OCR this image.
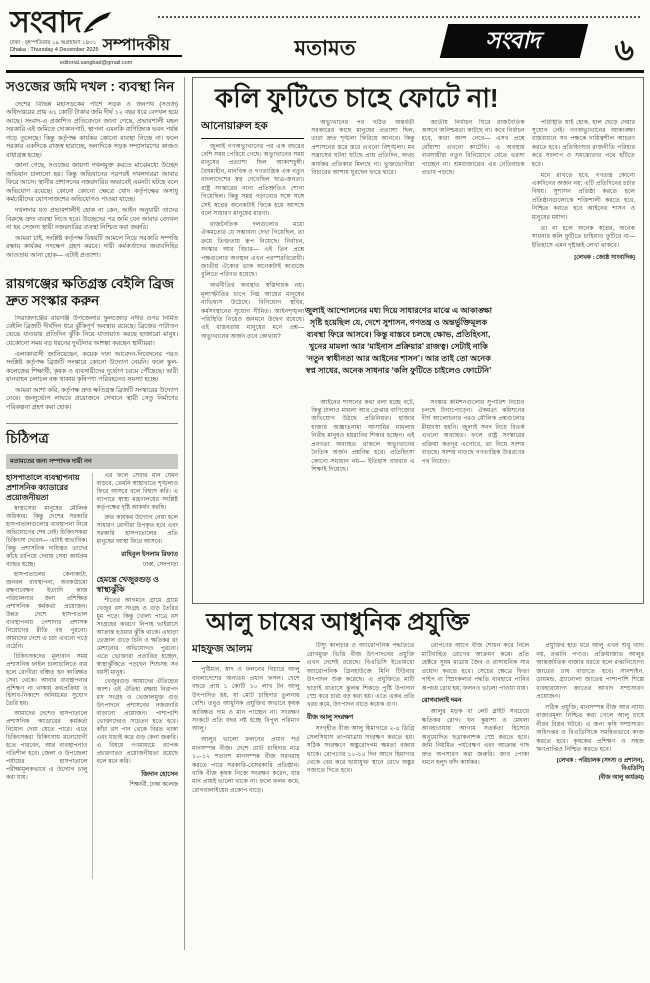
সংবাদ
ঢাকা : বৃহস্পতিবার ১৯ অগ্রহায়ণ ১৪৩১
Dhaka : Thursday 4 December 2025 সম্পাদকীয়
editorial.sangbad@gmail.com
মতামত	সংবাদ ৬
সওজের জমি দখল : ব্যবস্থা নিন

দেশের বিভিন্ন মহাসড়কের পাশে সড়ক ও জনপথ (সওজ) অধিদপ্তরের প্রায় ৬১ কোটি টাকার জমি দীর্ঘ ১২ বছর ধরে বেদখল হয়ে আছে। সংবাদ-এ প্রকাশিত প্রতিবেদনে জানা গেছে, প্রভাবশালী মহল সরকারি এই জমিতে দোকানপাট, স্থাপনা এমনকি বাণিজ্যিক ভবন পর্যন্ত গড়ে তুলেছে। কিন্তু কর্তৃপক্ষ কার্যকর কোনো ব্যবস্থা নিচ্ছে না। ফলে সরকার একদিকে রাজস্ব হারাচ্ছে, অন্যদিকে সড়ক সম্প্রসারণের কাজও বাধাগ্রস্ত হচ্ছে।

জানা গেছে, সওজের জায়গা দখলমুক্ত করতে মাঝেমধ্যে উচ্ছেদ অভিযান চালানো হয়। কিন্তু অভিযানের পরপরই দখলদাররা আবার ফিরে আসে। স্থানীয় প্রশাসনের নজরদারির অভাবেই এমনটা ঘটছে বলে অভিযোগ রয়েছে। কোনো কোনো ক্ষেত্রে খোদ কর্তৃপক্ষের অসাধু কর্মচারীদের যোগসাজশের অভিযোগও পাওয়া যাচ্ছে।

দখলদার যত প্রভাবশালীই হোক না কেন, আইন অনুযায়ী তাদের বিরুদ্ধে দ্রুত ব্যবস্থা নিতে হবে। উচ্ছেদের পর জমি যেন আবার বেদখল না হয় সেজন্য স্থায়ী নজরদারির ব্যবস্থা নিশ্চিত করা জরুরি।

আমরা চাই, সংশ্লিষ্ট কর্তৃপক্ষ বিষয়টি আমলে নিয়ে সরকারি সম্পত্তি রক্ষায় কার্যকর পদক্ষেপ গ্রহণ করবে। দায়ী কর্মকর্তাদের জবাবদিহির আওতায় আনা হোক— এটাই প্রত্যাশা।

রায়গঞ্জের ক্ষতিগ্রস্ত বেইলি ব্রিজ দ্রুত সংস্কার করুন

সিরাজগঞ্জের রায়গঞ্জ উপজেলার ফুলজোড় নদীর ওপর নির্মিত বেইলি ব্রিজটি দীর্ঘদিন ধরে ঝুঁকিপূর্ণ অবস্থায় রয়েছে। ব্রিজের পাটাতন ভেঙে যাওয়ায় প্রতিদিন ঝুঁকি নিয়ে যাতায়াত করছে হাজারো মানুষ। যেকোনো সময় বড় ধরনের দুর্ঘটনার আশঙ্কা করছেন স্থানীয়রা।

এলাকাবাসী জানিয়েছেন, কয়েক দফা আবেদন-নিবেদনের পরও সংশ্লিষ্ট কর্তৃপক্ষ ব্রিজটি সংস্কারে কোনো উদ্যোগ নেয়নি। ফলে স্কুল-কলেজের শিক্ষার্থী, কৃষক ও ব্যবসায়ীদের দুর্ভোগ চরমে পৌঁছেছে। ভারী যানবাহন চলাচল বন্ধ থাকায় কৃষিপণ্য পরিবহনেও সমস্যা হচ্ছে।

আমরা আশা করি, কর্তৃপক্ষ দ্রুত ক্ষতিগ্রস্ত ব্রিজটি সংস্কারের উদ্যোগ নেবে। জনদুর্ভোগ লাঘবে প্রয়োজনে সেখানে স্থায়ী সেতু নির্মাণের পরিকল্পনা গ্রহণ করা হোক।

চিঠিপত্র
মতামতের জন্য সম্পাদক দায়ী নন
হাসপাতালে ব্যবস্থাপনায় প্রশাসনিক ক্যাডারের প্রয়োজনীয়তা

স্বাস্থ্যসেবা মানুষের মৌলিক অধিকার। কিন্তু দেশের সরকারি হাসপাতালগুলোর ব্যবস্থাপনা নিয়ে অভিযোগের শেষ নেই। চিকিৎসকরা চিকিৎসা দেবেন— এটাই স্বাভাবিক। কিন্তু প্রশাসনিক দায়িত্বও তাদের কাঁধে চাপিয়ে দেয়ায় সেবা কার্যক্রম ব্যাহত হচ্ছে।

হাসপাতালের কেনাকাটা, জনবল ব্যবস্থাপনা, অবকাঠামো রক্ষণাবেক্ষণ ইত্যাদি কাজ পরিচালনার জন্য প্রশিক্ষিত প্রশাসনিক কর্মকর্তা প্রয়োজন। উন্নত দেশে হাসপাতাল ব্যবস্থাপনায় পেশাদার প্রশাসক নিয়োগের রীতি বহু পুরনো। আমাদের দেশে এ চর্চা এখনো গড়ে ওঠেনি।

চিকিৎসকদের মূল্যবান সময় প্রশাসনিক ফাইল চালাচালিতে ব্যয় হলে রোগীরা বঞ্চিত হন কাঙ্ক্ষিত সেবা থেকে। আবার ব্যবস্থাপনার প্রশিক্ষণ না থাকায় ক্রয়প্রক্রিয়া ও হিসাব-নিকাশে অনিয়মের সুযোগ তৈরি হয়।

আমাদের দেশেও হাসপাতালে প্রশাসনিক ক্যাডারের কর্মকর্তা নিয়োগ দেয়া যেতে পারে। এতে চিকিৎসকরা চিকিৎসায় মনোযোগী হতে পারবেন, আর ব্যবস্থাপনাও গতিশীল হবে। জেলা ও উপজেলা পর্যায়ের হাসপাতালে পরীক্ষামূলকভাবে এ উদ্যোগ চালু করা যায়।

এর ফলে সেবার মান যেমন বাড়বে, তেমনি স্বাস্থ্যখাতে শৃঙ্খলাও ফিরে আসবে বলে বিশ্বাস করি। এ ব্যাপারে স্বাস্থ্য মন্ত্রণালয়ের সংশ্লিষ্ট কর্তৃপক্ষের দৃষ্টি আকর্ষণ করছি।

দ্রুত কার্যকর উদ্যোগ নেয়া হলে সাধারণ রোগীরা উপকৃত হবে এবং সরকারি হাসপাতালের প্রতি মানুষের আস্থা ফিরে আসবে।

রাহিবুল ইসলাম রিফাত
ঢাকা, সেনপাড়া
হেমন্তে খেজুরগুড় ও স্বাস্থ্যঝুঁকি

শীতের আগমনে গ্রামে গ্রামে খেজুর রস সংগ্রহ ও গুড় তৈরির ধুম পড়ে। কিন্তু খোলা পাত্রে রস সংগ্রহের কারণে নিপাহ ভাইরাসে আক্রান্ত হওয়ার ঝুঁকি থাকে। এছাড়া ভেজাল গুড়ে চিনি ও ক্ষতিকর রং মেশানোর অভিযোগও পুরনো। এতে ভোক্তারা প্রতারিত হচ্ছেন, স্বাস্থ্যঝুঁকিতে পড়ছেন শিশুসহ সব বয়সী মানুষ।

খেজুরগুড় আমাদের ঐতিহ্যের অংশ। এই ঐতিহ্য রক্ষায় নিরাপদ রস সংগ্রহ ও ভেজালমুক্ত গুড় উৎপাদনে প্রশাসনের নজরদারি বাড়ানো প্রয়োজন। পাশাপাশি ভোক্তাদেরও সচেতন হতে হবে। কাঁচা রস পান থেকে বিরত থাকা এবং যাচাই করে গুড় কেনা জরুরি। এ বিষয়ে গণমাধ্যমে ব্যাপক প্রচারণারও প্রয়োজনীয়তা রয়েছে বলে মনে করি।

জিদান হোসেন
শিক্ষার্থী, ঢাকা কলেজ
কলি ফুটিতে চাহে ফোটে না!
আনোয়ারুল হক

জুলাই গণঅভ্যুত্থানের পর এক বছরের বেশি সময় পেরিয়ে গেছে। অভ্যুত্থানের সময় মানুষের প্রত্যাশা ছিল আকাশচুম্বী। বৈষম্যহীন, মানবিক ও গণতান্ত্রিক এক নতুন বাংলাদেশের স্বপ্ন দেখেছিল ছাত্র-জনতা। রাষ্ট্র সংস্কারের নানা প্রতিশ্রুতিও শোনা গিয়েছিল। কিন্তু সময় গড়ানোর সঙ্গে সঙ্গে সেই স্বপ্নের অনেকটাই ফিকে হয়ে আসছে বলে সাধারণ মানুষের ধারণা।

রাজনৈতিক দলগুলোর মধ্যে ঐকমত্যের যে সম্ভাবনা দেখা গিয়েছিল, তা ক্রমে তিক্ততায় রূপ নিয়েছে। নির্বাচন, সংস্কার আর বিচার— এই তিন প্রশ্নে পক্ষগুলোর অবস্থান এখন পরস্পরবিরোধী। জাতীয় ঐক্যের ডাক অনেকটাই কাগুজে বুলিতে পরিণত হয়েছে।

অর্থনীতির অবস্থাও স্বস্তিদায়ক নয়। মূল্যস্ফীতির চাপে নিম্ন আয়ের মানুষের নাভিশ্বাস উঠেছে। বিনিয়োগ স্থবির, কর্মসংস্থানের সুযোগ সীমিত। আইনশৃঙ্খলা পরিস্থিতি নিয়েও জনমনে উদ্বেগ রয়েছে। এই বাস্তবতায় মানুষের মনে প্রশ্ন— অভ্যুত্থানের অর্জন তবে কোথায়?

অভ্যুত্থানের পর গঠিত অন্তর্বর্তী সরকারের কাছে মানুষের প্রত্যাশা ছিল, তারা দ্রুত শৃঙ্খলা ফিরিয়ে আনবে। কিন্তু প্রশাসনের স্তরে স্তরে এখনো বিশৃঙ্খলা। মব সন্ত্রাসের ঘটনা ঘটছে প্রায় প্রতিদিন, অথচ কার্যকর প্রতিকার মিলছে না। ভুক্তভোগীরা বিচারের আশায় ঘুরছেন দ্বারে দ্বারে।

আইনের শাসনের কথা বলা হচ্ছে বটে, কিন্তু ঢালাও মামলা আর গ্রেপ্তার বাণিজ্যের অভিযোগ উঠছে প্রতিনিয়ত। হাজার হাজার অজ্ঞাতনামা আসামির মামলায় নিরীহ মানুষও হয়রানির শিকার হচ্ছেন। এই প্রবণতা অব্যাহত থাকলে অভ্যুত্থানের নৈতিক অর্জন প্রশ্নবিদ্ধ হবে। প্রতিহিংসা কোনো সমাধান নয়— ইতিহাস বারবার এ শিক্ষাই দিয়েছে।

জাতীয় নির্বাচন ঘিরে রাজনৈতিক অঙ্গনে অনিশ্চয়তা কাটছে না। কবে নির্বাচন হবে, কারা অংশ নেবে— এসব প্রশ্নে ধোঁয়াশা এখনো কাটেনি। এ অবস্থায় ব্যবসায়ীরা নতুন বিনিয়োগে যেতে ভরসা পাচ্ছেন না। শ্রমবাজারেও এর নেতিবাচক প্রভাব পড়ছে।

সংস্কার কমিশনগুলোর সুপারিশ নিয়েও চলছে টানাপোড়েন। ঐকমত্য কমিশনের দীর্ঘ আলোচনার পরও মৌলিক প্রশ্নগুলোর মীমাংসা হয়নি। জুলাই সনদ নিয়ে বিতর্ক এখনো অব্যাহত। ফলে রাষ্ট্র সংস্কারের প্রক্রিয়া কতদূর এগোবে, তা নিয়ে সংশয় বাড়ছে। সংশয় বাড়ছে গণতান্ত্রিক উত্তরণের পথ নিয়েও।

পরিস্থিতি যাই হোক, হাল ছেড়ে দেয়ার সুযোগ নেই। গণঅভ্যুত্থানের আকাঙ্ক্ষা বাস্তবায়নে সব পক্ষকে দায়িত্বশীল আচরণ করতে হবে। প্রতিহিংসার রাজনীতি পরিহার করে সংলাপ ও সমঝোতার পথে হাঁটতে হবে।

মনে রাখতে হবে, গণতন্ত্র কোনো একদিনের অর্জন নয়; এটি প্রতিদিনের চর্চার বিষয়। সুশাসন প্রতিষ্ঠা করতে হলে প্রতিষ্ঠানগুলোকে শক্তিশালী করতে হবে, নিশ্চিত করতে হবে আইনের শাসন ও মানুষের মর্যাদা।

তা না হলে অনেক স্বপ্নের, অনেক সাধনার কলি ফুটিতে চাহিয়াও ফুটিবে না— ইতিহাসে এমন দৃষ্টান্তই লেখা থাকবে।

[লেখক : জ্যেষ্ঠ সাংবাদিক]
জুলাই আন্দোলনের মধ্য দিয়ে সাধারণের মাঝে এ আকাঙ্ক্ষা সৃষ্টি হয়েছিল যে, দেশে সুশাসন, গণতন্ত্র ও অন্তর্ভুক্তিমূলক ব্যবস্থা ফিরে আসবে। কিন্তু বাস্তবে চলছে ক্ষোভ, প্রতিহিংসা, খুনের মামলা আর ‘মাইনাস প্রক্রিয়ার’ রাজত্ব। সেটাই নাকি ‘নতুন স্বাধীনতা আর আইনের শাসন’। আর তাই তো অনেক স্বপ্ন সাধের, অনেক সাধনার ‘কলি ফুটিতে চাইলেও ফোটেনি’
আলু চাষের আধুনিক প্রযুক্তি
মাহফুজ আলম

পুষ্টিমান, স্বাদ ও ফলনের বিচারে আলু বাংলাদেশের অন্যতম প্রধান ফসল। দেশে বছরে প্রায় ১ কোটি ১০ লাখ টন আলু উৎপাদিত হয়, যা মোট চাহিদার তুলনায় বেশি। তবুও আধুনিক প্রযুক্তির অভাবে কৃষক কাঙ্ক্ষিত দাম ও মান পাচ্ছেন না। সংরক্ষণ সংকটে প্রতি বছর নষ্ট হচ্ছে বিপুল পরিমাণ আলু।

আলুর ভালো ফলনের প্রধান শর্ত মানসম্পন্ন বীজ। দেশে মোট চাহিদার মাত্র ১০-১২ শতাংশ মানসম্পন্ন বীজ সরবরাহ করতে পারে সরকারি-বেসরকারি প্রতিষ্ঠান। বাকি বীজ কৃষক নিজে সংরক্ষণ করেন, যার মান প্রায়ই ভালো থাকে না। ফলে ফলন কমে, রোগবালাইয়ের প্রকোপ বাড়ে।

টিস্যু কালচার ও অ্যারোপনিক পদ্ধতিতে রোগমুক্ত ভিত্তি বীজ উৎপাদনের প্রযুক্তি এখন দেশেই রয়েছে। বিএডিসি ইতোমধ্যে অ্যারোপনিক গ্রিনহাউজে মিনি টিউবার উৎপাদন শুরু করেছে। এ প্রযুক্তিতে মাটি ছাড়াই বাতাসে ঝুলন্ত শিকড়ে পুষ্টি উপাদান স্প্রে করে চারা বড় করা হয়। এতে একর প্রতি খরচ কমে, উৎপাদন বাড়ে কয়েক গুণ।

বীজ আলু সংরক্ষণ

সংগৃহীত বীজ আলু হিমাগারে ২-৪ ডিগ্রি সেলসিয়াস তাপমাত্রায় সংরক্ষণ করতে হয়। সঠিক সংরক্ষণে অঙ্কুরোদগম ক্ষমতা বজায় থাকে। রোপণের ১০-১৫ দিন আগে হিমাগার থেকে বের করে ছায়াযুক্ত স্থানে রেখে অঙ্কুর গজাতে দিতে হবে।

রোপণের আগে বীজ শোধন করে নিলে মাটিবাহিত রোগের আক্রমণ কমে। প্রতি হেক্টরে সুষম মাত্রায় জৈব ও রাসায়নিক সার প্রয়োগ করতে হবে। সেচের ক্ষেত্রে ফিতা পাইপ বা স্প্রিংকলার পদ্ধতি ব্যবহারে পানির অপচয় রোধ হয়, ফলনও ভালো পাওয়া যায়।

রোগবালাই দমন

আলুর মড়ক বা লেট ব্লাইট সবচেয়ে ক্ষতিকর রোগ। ঘন কুয়াশা ও মেঘলা আবহাওয়ায় আগাম সতর্কতা হিসেবে অনুমোদিত ছত্রাকনাশক স্প্রে করতে হবে। জমি নিয়মিত পর্যবেক্ষণ এবং আক্রান্ত গাছ দ্রুত অপসারণ করা জরুরি। জাব পোকা দমনে হলুদ ফাঁদ কার্যকর।

প্রযুক্তির হাত ধরে আলু এখন শুধু খাদ্য নয়, রপ্তানি পণ্যও। প্রক্রিয়াজাত আলুর আন্তর্জাতিক বাজার ধরতে হলে রপ্তানিযোগ্য জাতের চাষ বাড়াতে হবে। সানশাইন, ডায়মন্ড, গ্র্যানোলা জাতের পাশাপাশি শিল্পে ব্যবহারযোগ্য জাতের আবাদ সম্প্রসারণ প্রয়োজন।

সঠিক প্রযুক্তি, মানসম্পন্ন বীজ আর ন্যায্য বাজারমূল্য নিশ্চিত করা গেলে আলু চাষে নীরব বিপ্লব ঘটবে। এ জন্য কৃষি সম্প্রসারণ অধিদপ্তর ও বিএডিসিকে সমন্বিতভাবে কাজ করতে হবে। কৃষকের প্রশিক্ষণ ও সহজ ঋণপ্রাপ্তিও নিশ্চিত করতে হবে।

[লেখক : পরিচালক (সদস্য ও প্রশাসন), বিএডিসি]
(বীজ আলু কার্যক্রম)
